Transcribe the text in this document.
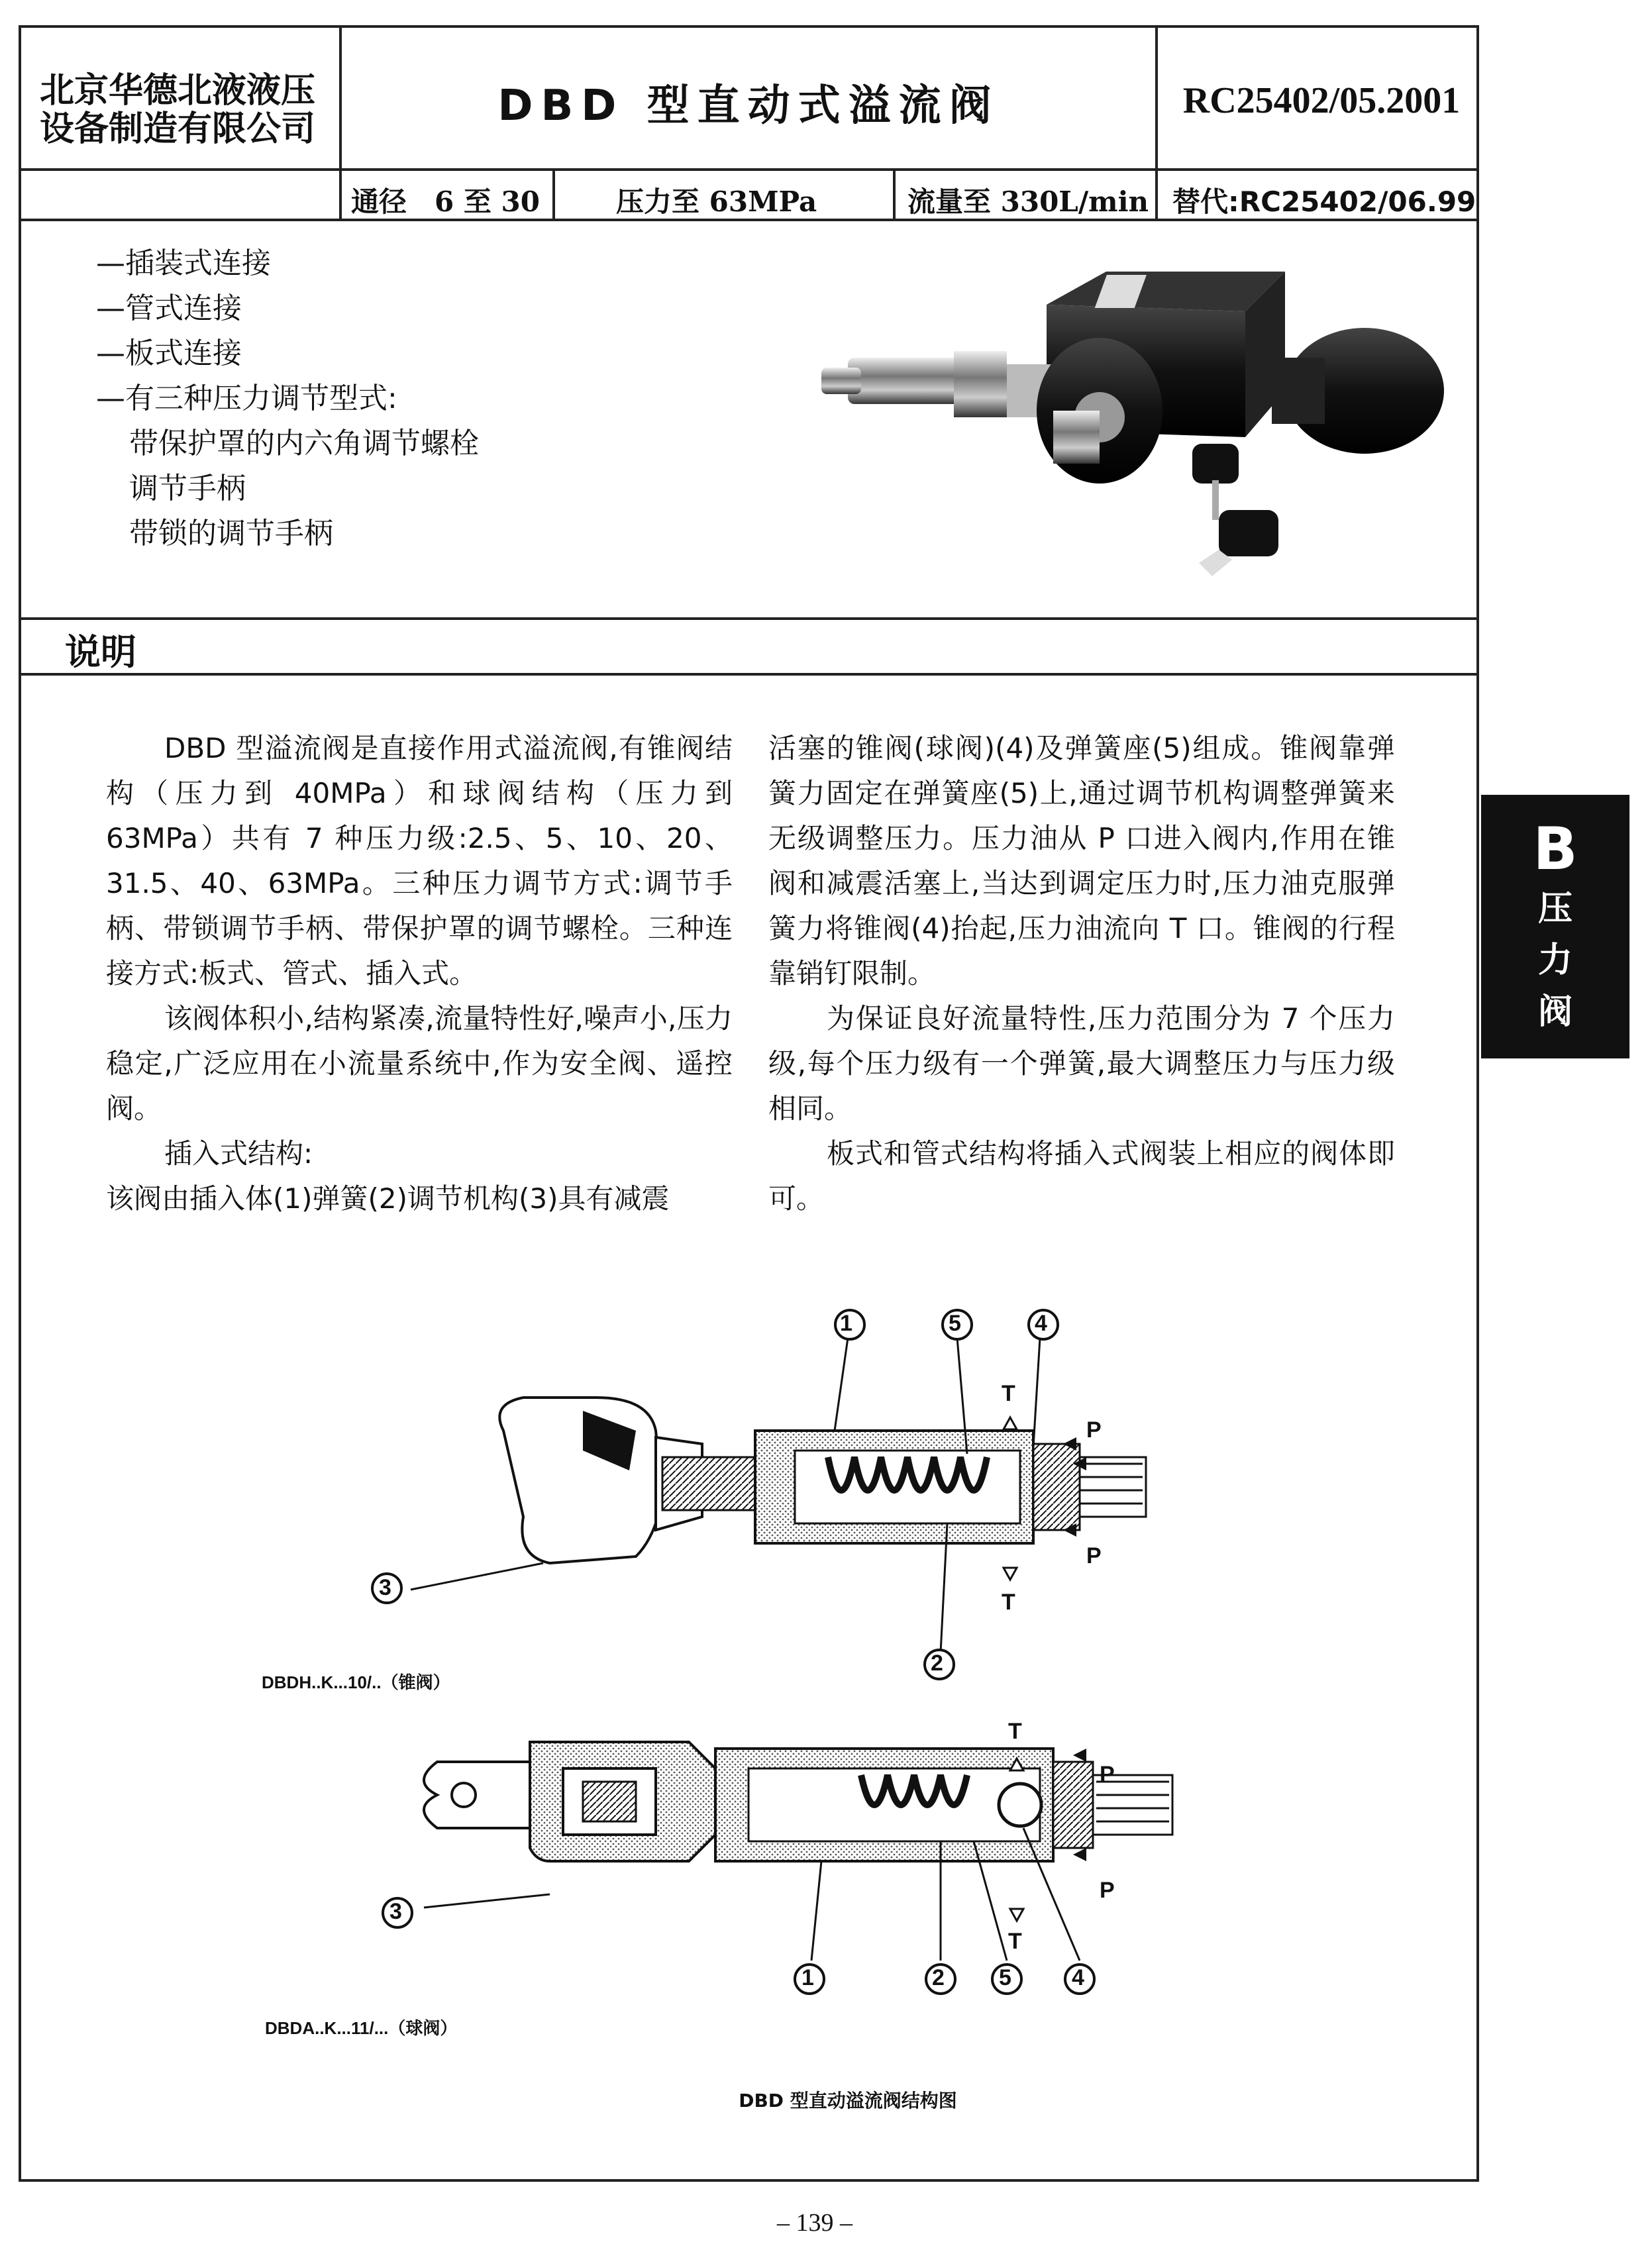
北京华德北液液压设备制造有限公司	DBD 型直动式溢流阀	RC25402/05.2001
通径　6 至 30	压力至 63MPa	流量至 330L/min 替代:RC25402/06.99
—插装式连接
—管式连接
—板式连接
—有三种压力调节型式:
带保护罩的内六角调节螺栓
调节手柄
带锁的调节手柄
说明

DBD 型溢流阀是直接作用式溢流阀,有锥阀结构（压力到 40MPa）和球阀结构（压力到 63MPa）共有 7 种压力级:2.5、5、10、20、31.5、40、63MPa。三种压力调节方式:调节手柄、带锁调节手柄、带保护罩的调节螺栓。三种连接方式:板式、管式、插入式。

该阀体积小,结构紧凑,流量特性好,噪声小,压力稳定,广泛应用在小流量系统中,作为安全阀、遥控阀。

插入式结构:

该阀由插入体(1)弹簧(2)调节机构(3)具有减震

活塞的锥阀(球阀)(4)及弹簧座(5)组成。锥阀靠弹簧力固定在弹簧座(5)上,通过调节机构调整弹簧来无级调整压力。压力油从 P 口进入阀内,作用在锥阀和减震活塞上,当达到调定压力时,压力油克服弹簧力将锥阀(4)抬起,压力油流向 T 口。锥阀的行程靠销钉限制。

为保证良好流量特性,压力范围分为 7 个压力级,每个压力级有一个弹簧,最大调整压力与压力级相同。

板式和管式结构将插入式阀装上相应的阀体即可。

B
压
力
阀
1	5	4
2
3
3
1	2 5	4
T
P
P
T
T
P
P
T
DBDH..K...10/..（锥阀）
DBDA..K...11/...（球阀）
DBD 型直动溢流阀结构图
– 139 –
